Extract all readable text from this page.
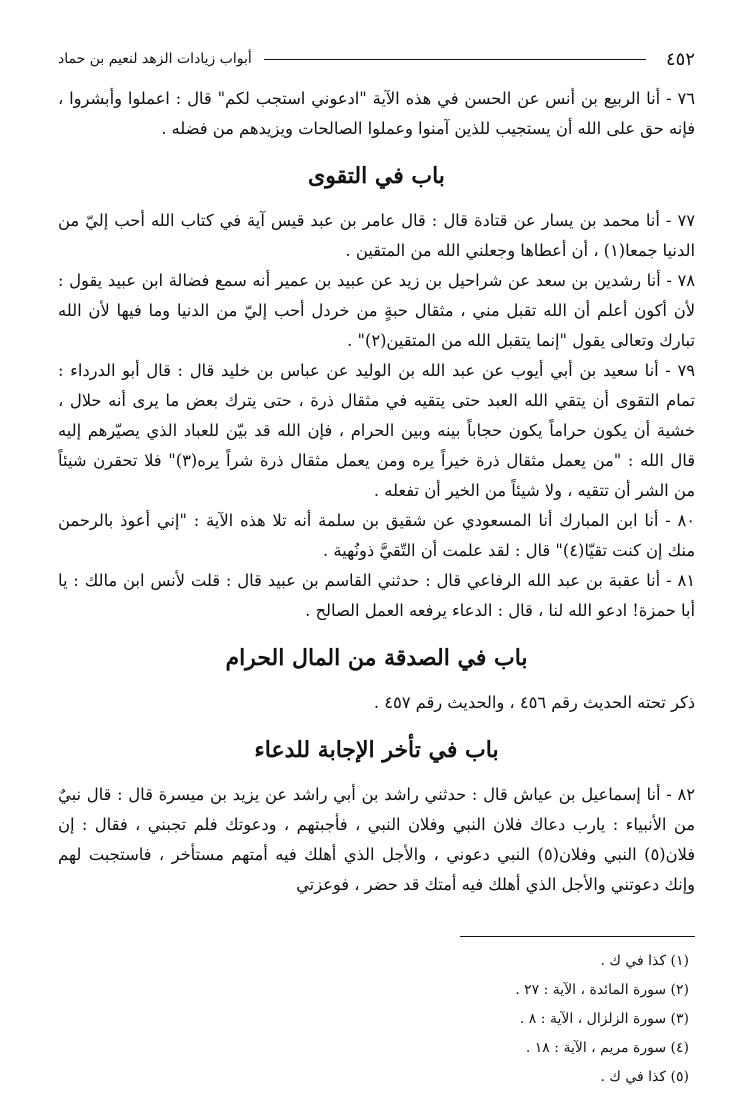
٤٥٢
أبواب زيادات الزهد لنعيم بن حماد

٧٦ - أنا الربيع بن أنس عن الحسن في هذه الآية "ادعوني استجب لكم" قال : اعملوا وأبشروا ، فإنه حق على الله أن يستجيب للذين آمنوا وعملوا الصالحات ويزيدهم من فضله .

باب في التقوى

٧٧ - أنا محمد بن يسار عن قتادة قال : قال عامر بن عبد قيس آية في كتاب الله أحب إليّ من الدنيا جمعا(١) ، أن أعطاها وجعلني الله من المتقين .

٧٨ - أنا رشدين بن سعد عن شراحيل بن زيد عن عبيد بن عمير أنه سمع فضالة ابن عبيد يقول : لأن أكون أعلم أن الله تقبل مني ، مثقال حبةٍ من خردل أحب إليّ من الدنيا وما فيها لأن الله تبارك وتعالى يقول "إنما يتقبل الله من المتقين(٢)" .

٧٩ - أنا سعيد بن أبي أيوب عن عبد الله بن الوليد عن عباس بن خليد قال : قال أبو الدرداء : تمام التقوى أن يتقي الله العبد حتى يتقيه في مثقال ذرة ، حتى يترك بعض ما يرى أنه حلال ، خشية أن يكون حراماً يكون حجاباً بينه وبين الحرام ، فإن الله قد بيّن للعباد الذي يصيّرهم إليه قال الله : "من يعمل مثقال ذرة خيراً يره ومن يعمل مثقال ذرة شراً يره(٣)" فلا تحقرن شيئاً من الشر أن تتقيه ، ولا شيئاً من الخير أن تفعله .

٨٠ - أنا ابن المبارك أنا المسعودي عن شقيق بن سلمة أنه تلا هذه الآية : "إني أعوذ بالرحمن منك إن كنت تقيّا(٤)" قال : لقد علمت أن التّقيَّ ذونُهية .

٨١ - أنا عقبة بن عبد الله الرفاعي قال : حدثني القاسم بن عبيد قال : قلت لأنس ابن مالك : يا أبا حمزة! ادعو الله لنا ، قال : الدعاء يرفعه العمل الصالح .

باب في الصدقة من المال الحرام

ذكر تحته الحديث رقم ٤٥٦ ، والحديث رقم ٤٥٧ .

باب في تأخر الإجابة للدعاء

٨٢ - أنا إسماعيل بن عياش قال : حدثني راشد بن أبي راشد عن يزيد بن ميسرة قال : قال نبيٌ من الأنبياء : يارب دعاك فلان النبي وفلان النبي ، فأجبتهم ، ودعوتك فلم تجبني ، فقال : إن فلان(٥) النبي وفلان(٥) النبي دعوني ، والأجل الذي أهلك فيه أمتهم مستأخر ، فاستجبت لهم وإنك دعوتني والأجل الذي أهلك فيه أمتك قد حضر ، فوعزتي

(١) كذا في ك .
(٢) سورة المائدة ، الآية : ٢٧ .
(٣) سورة الزلزال ، الآية : ٨ .
(٤) سورة مريم ، الآية : ١٨ .
(٥) كذا في ك .
